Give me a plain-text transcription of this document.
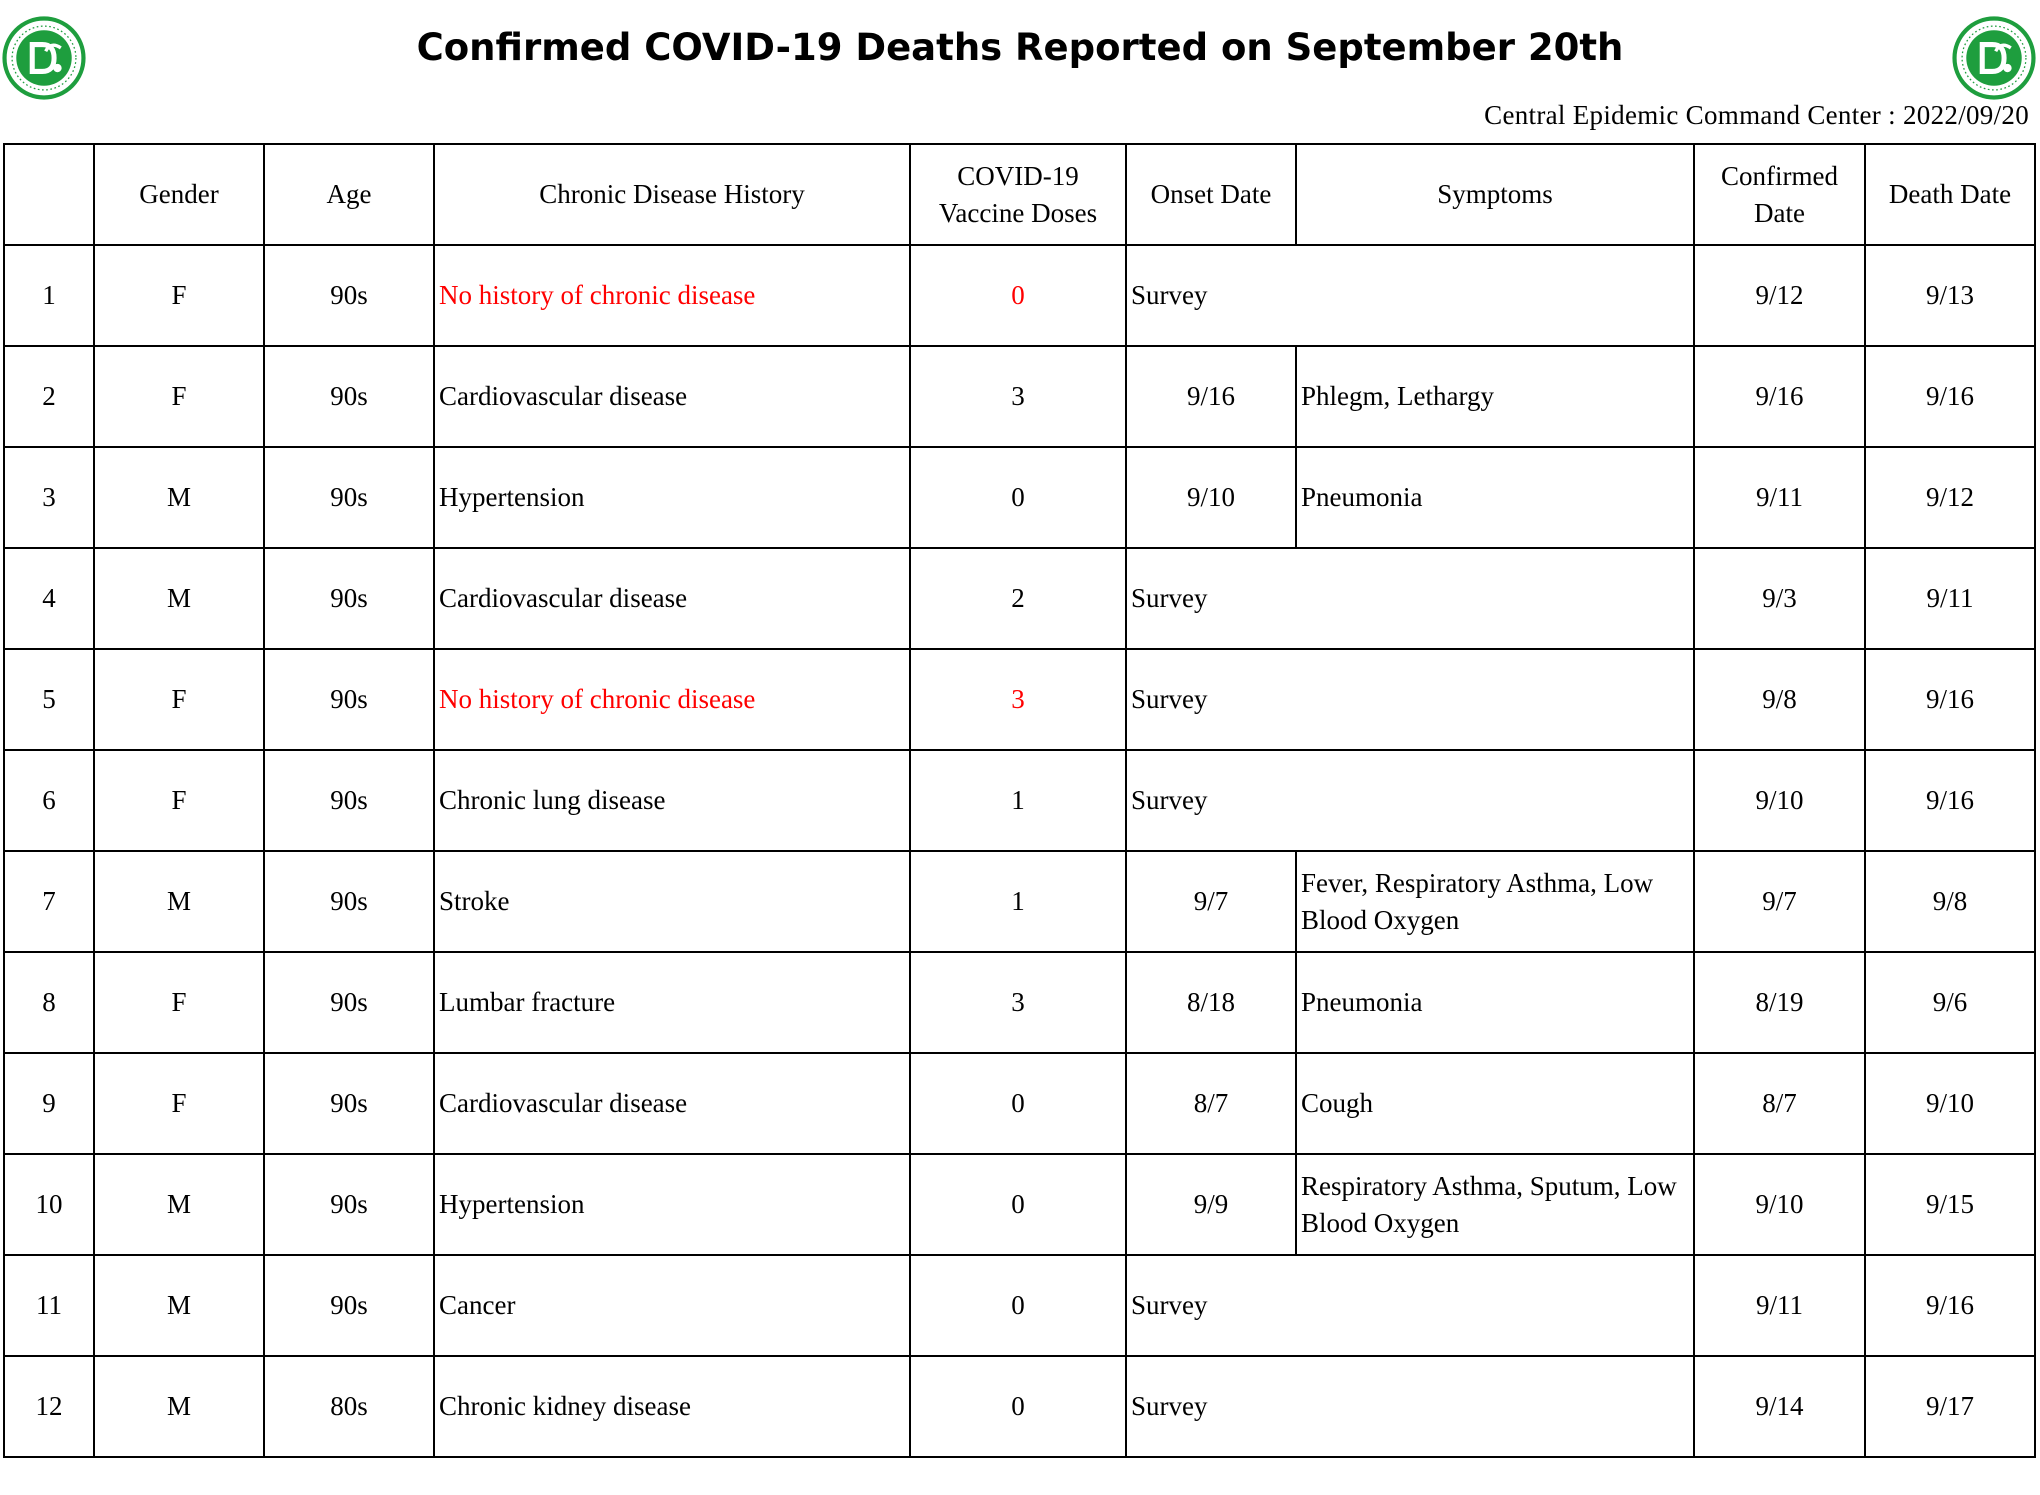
Confirmed COVID-19 Deaths Reported on September 20th
Central Epidemic Command Center : 2022/09/20
	Gender	Age	Chronic Disease History	COVID-19 Vaccine Doses	Onset Date	Symptoms	Confirmed Date	Death Date
1	F	90s	No history of chronic disease	0	Survey		9/12	9/13
2	F	90s	Cardiovascular disease	3	9/16	Phlegm, Lethargy	9/16	9/16
3	M	90s	Hypertension	0	9/10	Pneumonia	9/11	9/12
4	M	90s	Cardiovascular disease	2	Survey		9/3	9/11
5	F	90s	No history of chronic disease	3	Survey		9/8	9/16
6	F	90s	Chronic lung disease	1	Survey		9/10	9/16
7	M	90s	Stroke	1	9/7	Fever, Respiratory Asthma, Low Blood Oxygen	9/7	9/8
8	F	90s	Lumbar fracture	3	8/18	Pneumonia	8/19	9/6
9	F	90s	Cardiovascular disease	0	8/7	Cough	8/7	9/10
10	M	90s	Hypertension	0	9/9	Respiratory Asthma, Sputum, Low Blood Oxygen	9/10	9/15
11	M	90s	Cancer	0	Survey		9/11	9/16
12	M	80s	Chronic kidney disease	0	Survey		9/14	9/17
